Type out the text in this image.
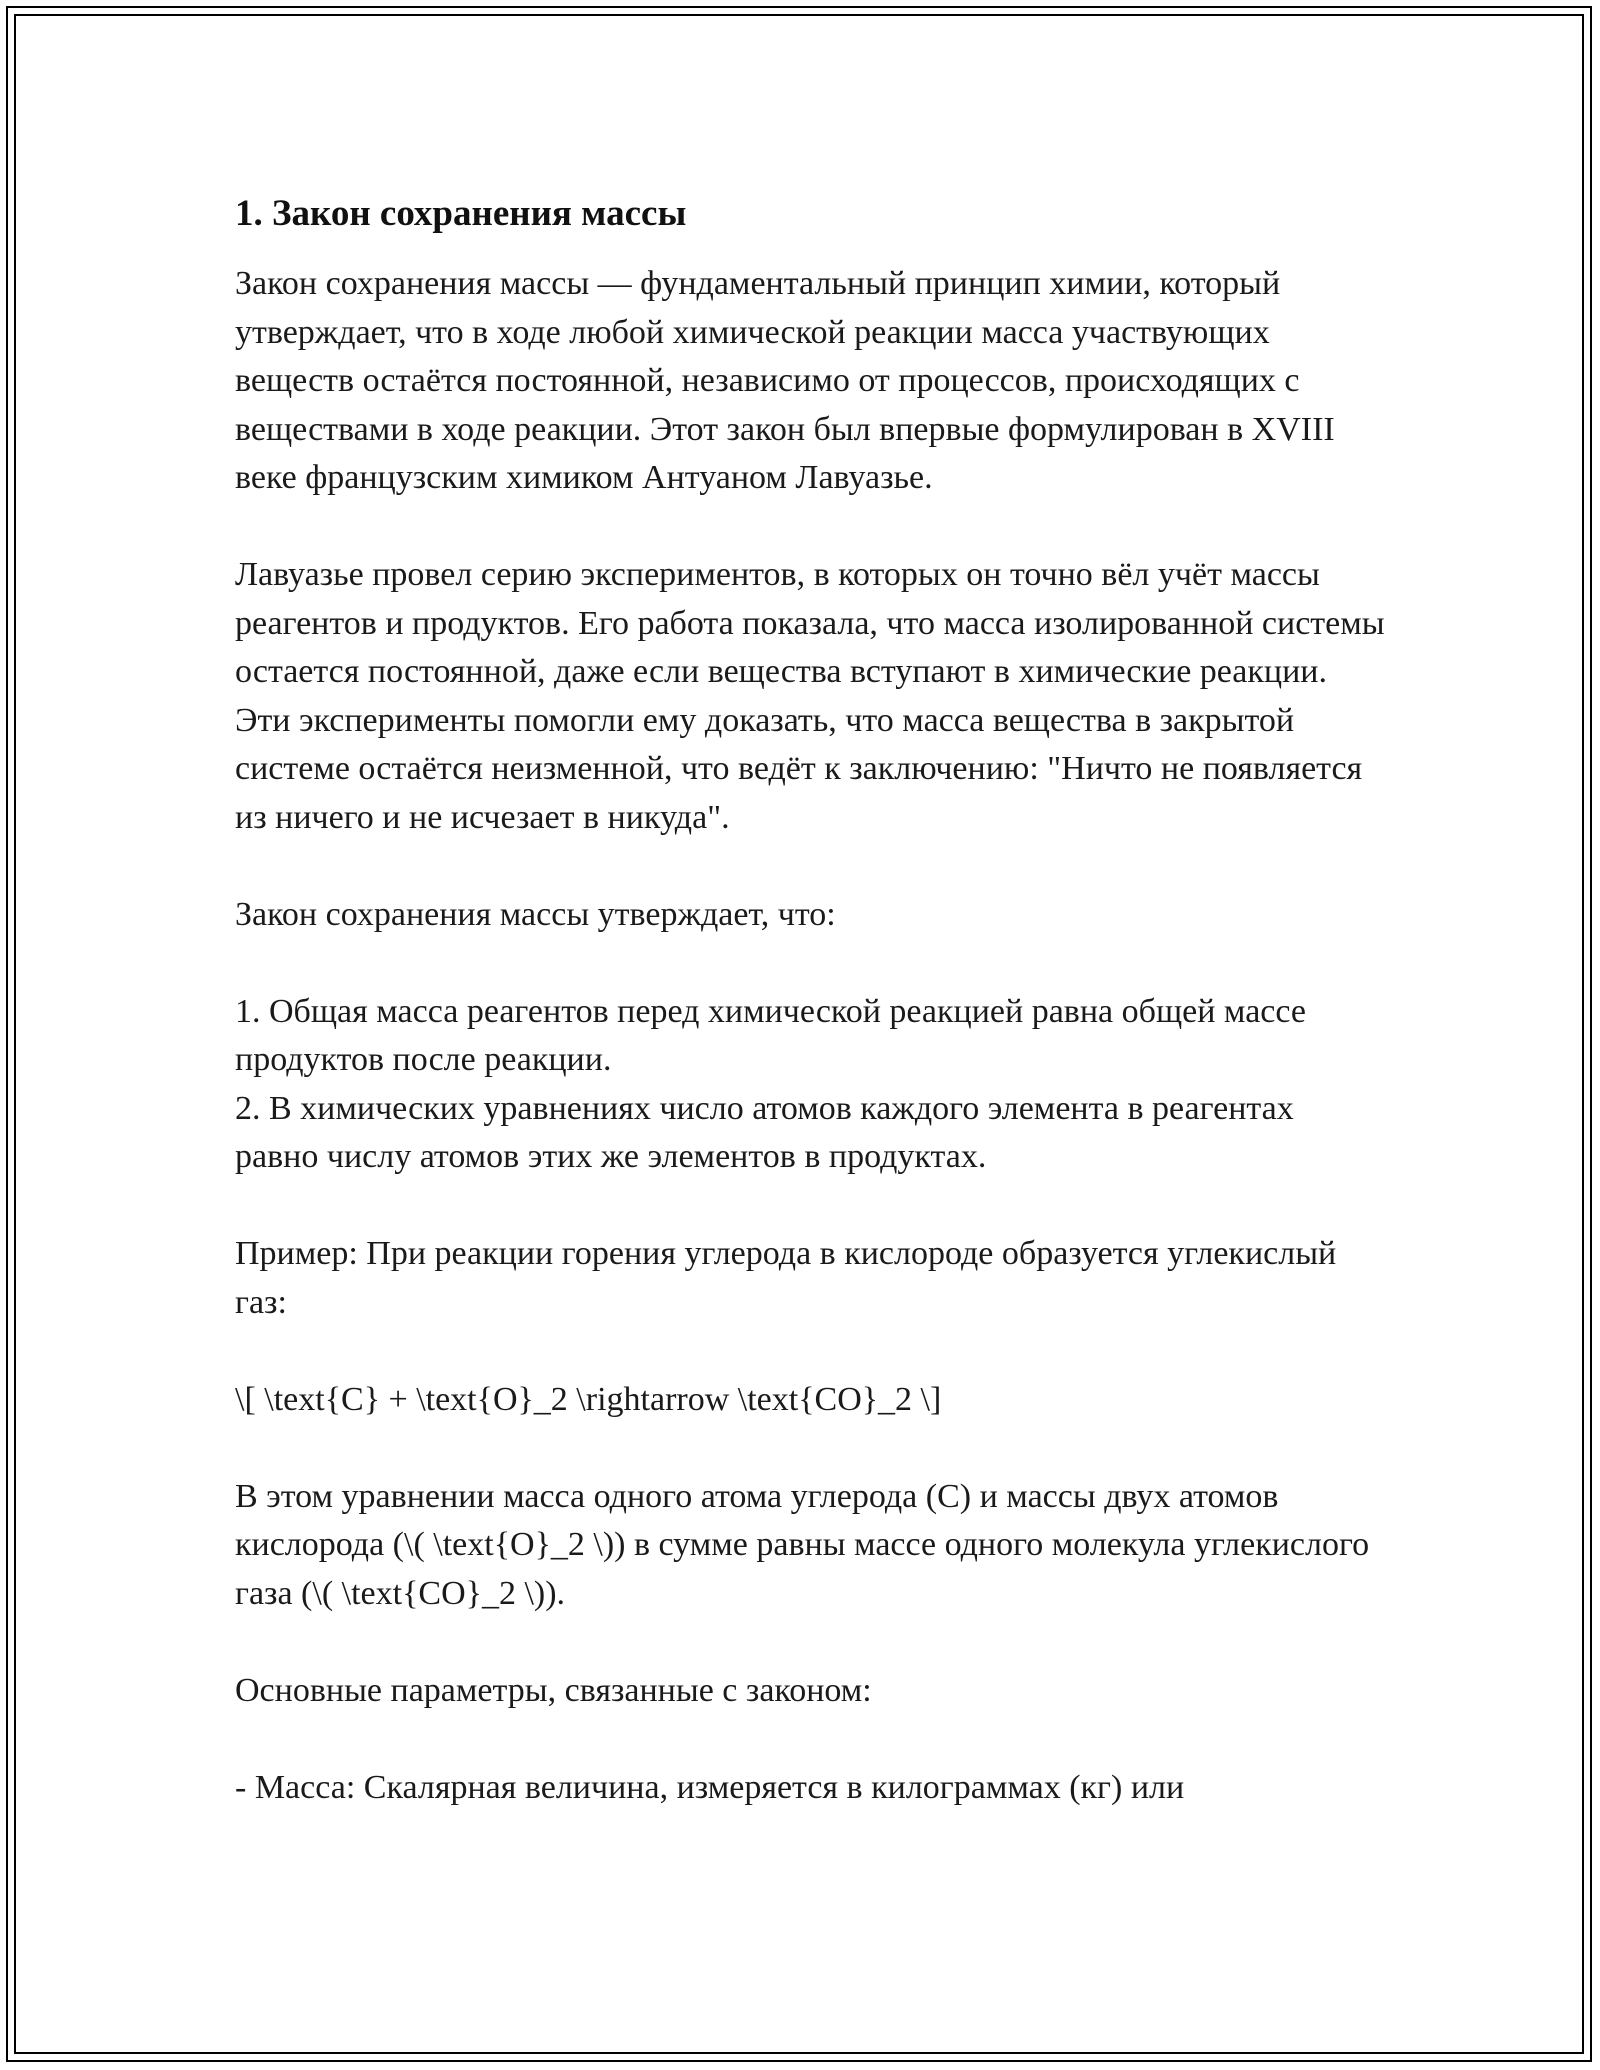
1. Закон сохранения массы

Закон сохранения массы — фундаментальный принцип химии, который утверждает, что в ходе любой химической реакции масса участвующих веществ остаётся постоянной, независимо от процессов, происходящих с веществами в ходе реакции. Этот закон был впервые формулирован в XVIII веке французским химиком Антуаном Лавуазье.

Лавуазье провел серию экспериментов, в которых он точно вёл учёт массы реагентов и продуктов. Его работа показала, что масса изолированной системы остается постоянной, даже если вещества вступают в химические реакции. Эти эксперименты помогли ему доказать, что масса вещества в закрытой системе остаётся неизменной, что ведёт к заключению: "Ничто не появляется из ничего и не исчезает в никуда".

Закон сохранения массы утверждает, что:

1. Общая масса реагентов перед химической реакцией равна общей массе продуктов после реакции.

2. В химических уравнениях число атомов каждого элемента в реагентах равно числу атомов этих же элементов в продуктах.

Пример: При реакции горения углерода в кислороде образуется углекислый газ:

\[ \text{C} + \text{O}_2 \rightarrow \text{CO}_2 \]

В этом уравнении масса одного атома углерода (C) и массы двух атомов кислорода (\( \text{O}_2 \)) в сумме равны массе одного молекула углекислого газа (\( \text{CO}_2 \)).

Основные параметры, связанные с законом:

- Масса: Скалярная величина, измеряется в килограммах (кг) или
